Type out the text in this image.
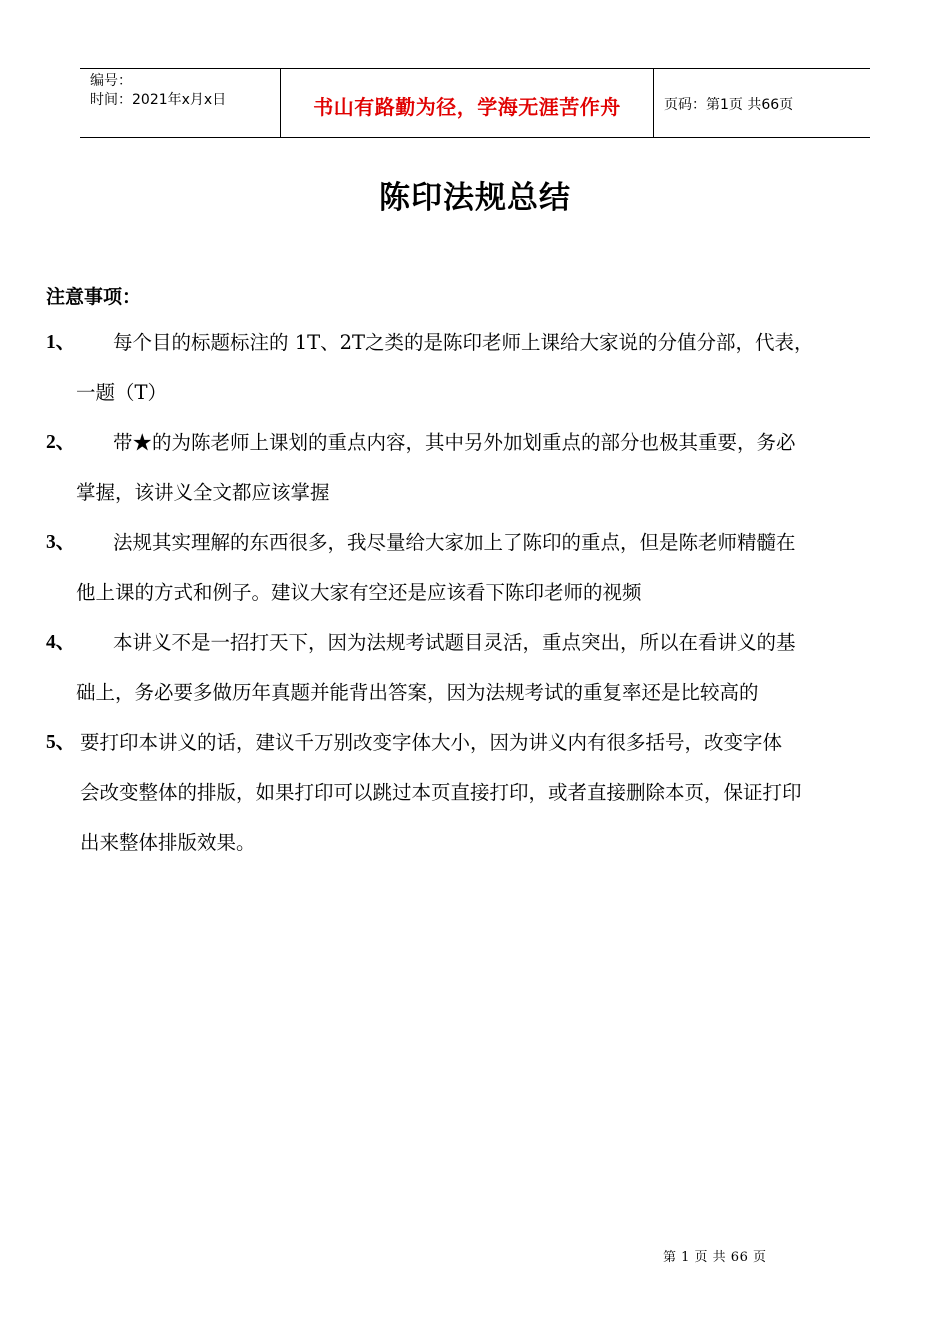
编号：
时间：2021年x月x日	书山有路勤为径，学海无涯苦作舟	页码：第1页 共66页
陈印法规总结
注意事项：
1、	每个目的标题标注的 1T、2T之类的是陈印老师上课给大家说的分值分部，代表，
一题（T）
2、	带★的为陈老师上课划的重点内容，其中另外加划重点的部分也极其重要，务必
掌握，该讲义全文都应该掌握
3、	法规其实理解的东西很多，我尽量给大家加上了陈印的重点，但是陈老师精髓在
他上课的方式和例子。建议大家有空还是应该看下陈印老师的视频
4、	本讲义不是一招打天下，因为法规考试题目灵活，重点突出，所以在看讲义的基
础上，务必要多做历年真题并能背出答案，因为法规考试的重复率还是比较高的
5、 要打印本讲义的话，建议千万别改变字体大小，因为讲义内有很多括号，改变字体
会改变整体的排版，如果打印可以跳过本页直接打印，或者直接删除本页，保证打印
出来整体排版效果。
第 1 页 共 66 页
